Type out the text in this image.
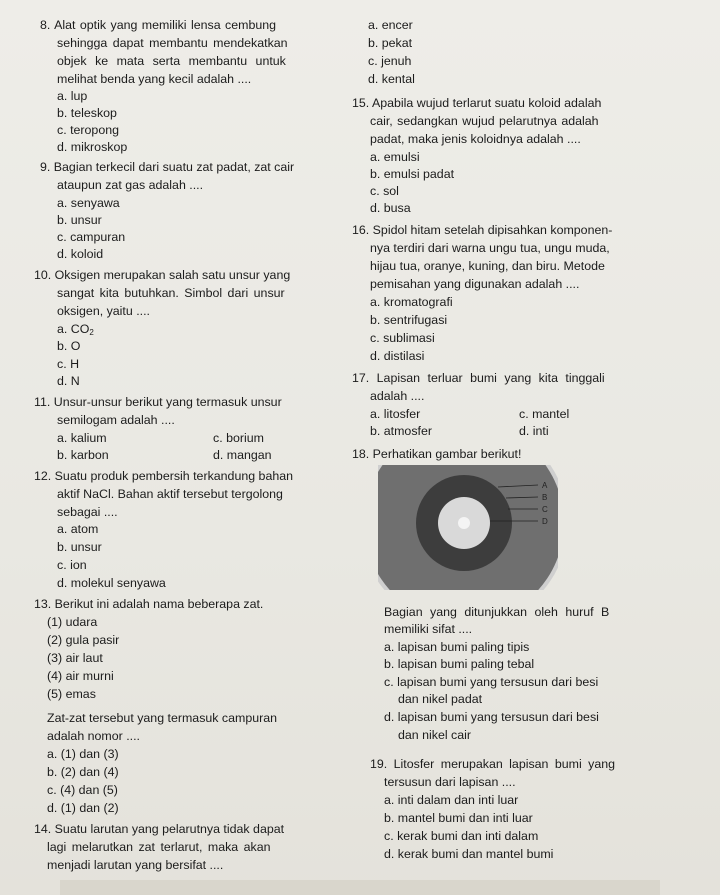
8. Alat optik yang memiliki lensa cembung
sehingga dapat membantu mendekatkan
objek ke mata serta membantu untuk
melihat benda yang kecil adalah ....
a. lup
b. teleskop
c. teropong
d. mikroskop
9. Bagian terkecil dari suatu zat padat, zat cair
ataupun zat gas adalah ....
a. senyawa
b. unsur
c. campuran
d. koloid
10. Oksigen merupakan salah satu unsur yang
sangat kita butuhkan. Simbol dari unsur
oksigen, yaitu ....
a. $CO_2$
b. O
c. H
d. N
11. Unsur-unsur berikut yang termasuk unsur
semilogam adalah ....
a. kalium
b. karbon
c. borium
d. mangan
12. Suatu produk pembersih terkandung bahan
aktif NaCl. Bahan aktif tersebut tergolong
sebagai ....
a. atom
b. unsur
c. ion
d. molekul senyawa
13. Berikut ini adalah nama beberapa zat.
(1) udara
(2) gula pasir
(3) air laut
(4) air murni
(5) emas
Zat-zat tersebut yang termasuk campuran
adalah nomor ....
a. (1) dan (3)
b. (2) dan (4)
c. (4) dan (5)
d. (1) dan (2)
14. Suatu larutan yang pelarutnya tidak dapat
lagi melarutkan zat terlarut, maka akan
menjadi larutan yang bersifat ....
a. encer
b. pekat
c. jenuh
d. kental
15. Apabila wujud terlarut suatu koloid adalah
cair, sedangkan wujud pelarutnya adalah
padat, maka jenis koloidnya adalah ....
a. emulsi
b. emulsi padat
c. sol
d. busa
16. Spidol hitam setelah dipisahkan komponen-
nya terdiri dari warna ungu tua, ungu muda,
hijau tua, oranye, kuning, dan biru. Metode
pemisahan yang digunakan adalah ....
a. kromatografi
b. sentrifugasi
c. sublimasi
d. distilasi
17. Lapisan terluar bumi yang kita tinggali
adalah ....
a. litosfer
b. atmosfer
c. mantel
d. inti
18. Perhatikan gambar berikut!
A
B
C
D
Bagian yang ditunjukkan oleh huruf B
memiliki sifat ....
a. lapisan bumi paling tipis
b. lapisan bumi paling tebal
c. lapisan bumi yang tersusun dari besi
dan nikel padat
d. lapisan bumi yang tersusun dari besi
dan nikel cair
19. Litosfer merupakan lapisan bumi yang
tersusun dari lapisan ....
a. inti dalam dan inti luar
b. mantel bumi dan inti luar
c. kerak bumi dan inti dalam
d. kerak bumi dan mantel bumi
